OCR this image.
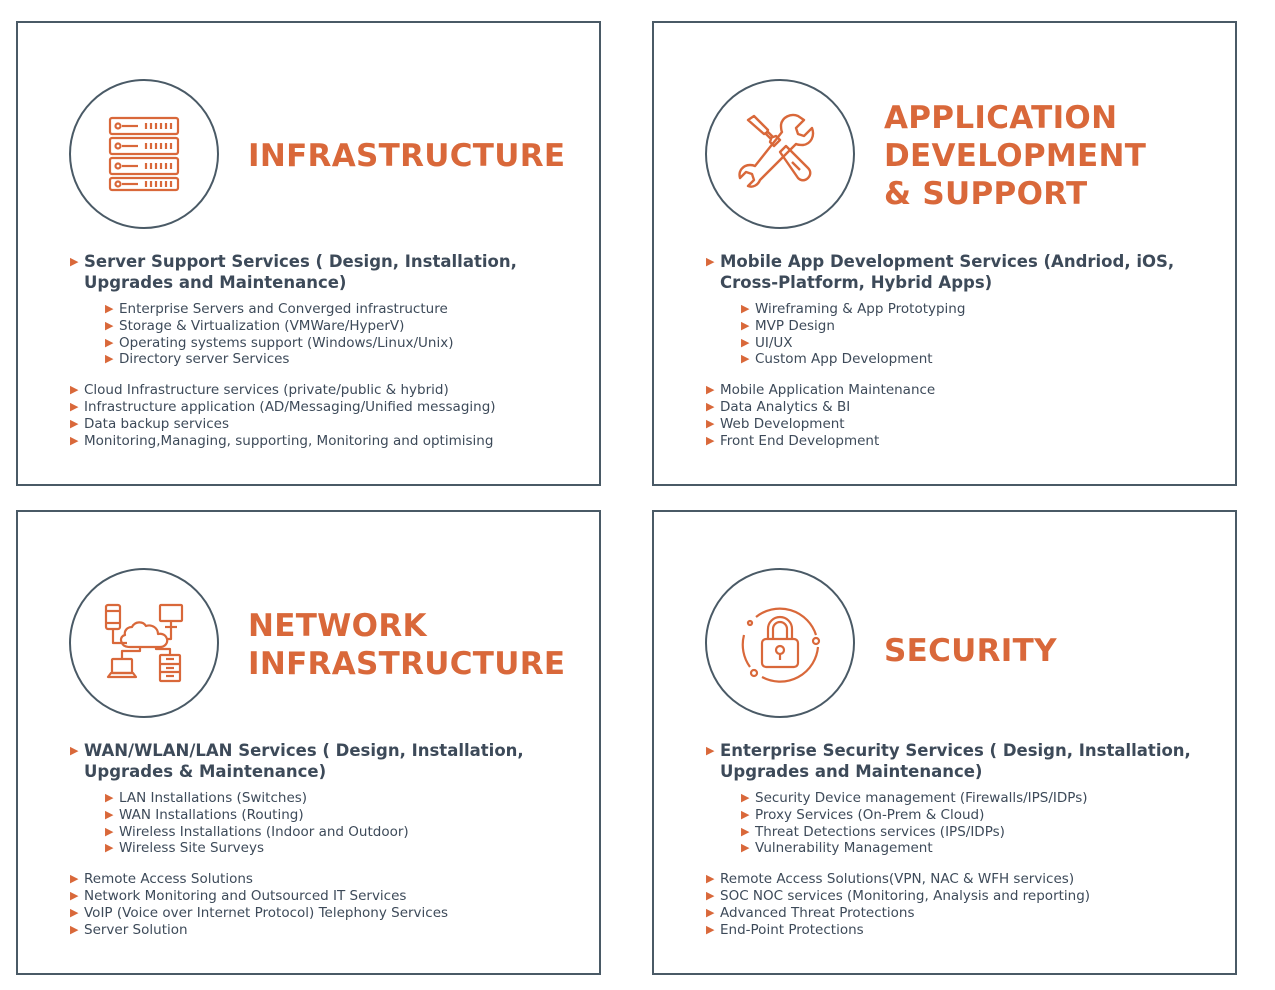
INFRASTRUCTURE
▶ Server Support Services ( Design, Installation,
Upgrades and Maintenance)
▶ Enterprise Servers and Converged infrastructure
▶ Storage & Virtualization (VMWare/HyperV)
▶ Operating systems support (Windows/Linux/Unix)
▶ Directory server Services
▶ Cloud Infrastructure services (private/public & hybrid)
▶ Infrastructure application (AD/Messaging/Unified messaging)
▶ Data backup services
▶ Monitoring,Managing, supporting, Monitoring and optimising
APPLICATION
DEVELOPMENT
& SUPPORT
▶ Mobile App Development Services (Andriod, iOS,
Cross-Platform, Hybrid Apps)
▶ Wireframing & App Prototyping
▶ MVP Design
▶ UI/UX
▶ Custom App Development
▶ Mobile Application Maintenance
▶ Data Analytics & BI
▶ Web Development
▶ Front End Development
NETWORK
INFRASTRUCTURE
▶ WAN/WLAN/LAN Services ( Design, Installation,
Upgrades & Maintenance)
▶ LAN Installations (Switches)
▶ WAN Installations (Routing)
▶ Wireless Installations (Indoor and Outdoor)
▶ Wireless Site Surveys
▶ Remote Access Solutions
▶ Network Monitoring and Outsourced IT Services
▶ VoIP (Voice over Internet Protocol) Telephony Services
▶ Server Solution
SECURITY
▶ Enterprise Security Services ( Design, Installation,
Upgrades and Maintenance)
▶ Security Device management (Firewalls/IPS/IDPs)
▶ Proxy Services (On-Prem & Cloud)
▶ Threat Detections services (IPS/IDPs)
▶ Vulnerability Management
▶ Remote Access Solutions(VPN, NAC & WFH services)
▶ SOC NOC services (Monitoring, Analysis and reporting)
▶ Advanced Threat Protections
▶ End-Point Protections
